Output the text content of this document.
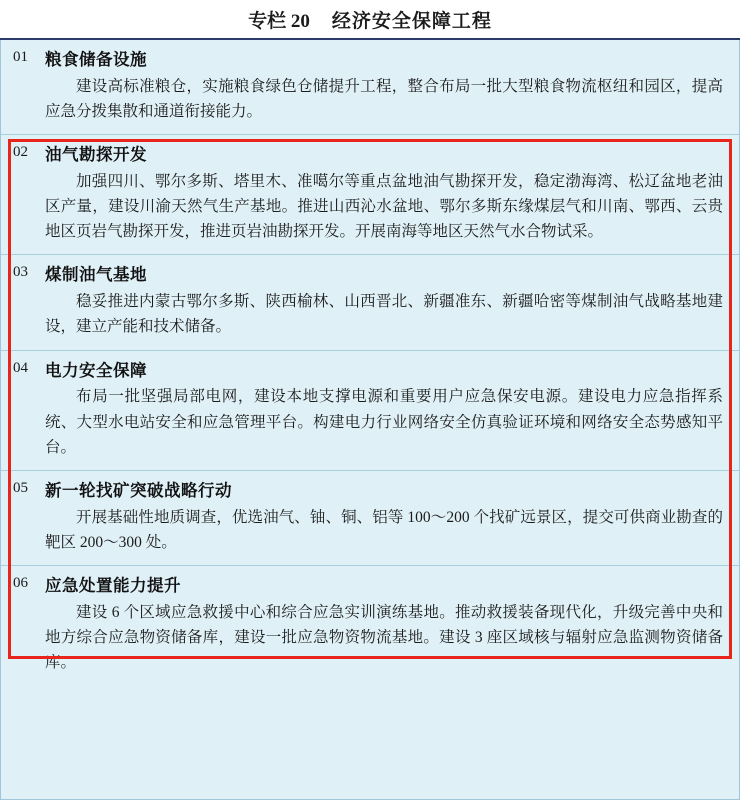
专栏 20 经济安全保障工程
01	粮食储备设施
建设高标准粮仓，实施粮食绿色仓储提升工程，整合布局一批大型粮食物流枢纽和园区，提高应急分拨集散和通道衔接能力。
02	油气勘探开发
加强四川、鄂尔多斯、塔里木、准噶尔等重点盆地油气勘探开发，稳定渤海湾、松辽盆地老油区产量，建设川渝天然气生产基地。推进山西沁水盆地、鄂尔多斯东缘煤层气和川南、鄂西、云贵地区页岩气勘探开发，推进页岩油勘探开发。开展南海等地区天然气水合物试采。
03	煤制油气基地
稳妥推进内蒙古鄂尔多斯、陕西榆林、山西晋北、新疆准东、新疆哈密等煤制油气战略基地建设，建立产能和技术储备。
04	电力安全保障
布局一批坚强局部电网，建设本地支撑电源和重要用户应急保安电源。建设电力应急指挥系统、大型水电站安全和应急管理平台。构建电力行业网络安全仿真验证环境和网络安全态势感知平台。
05	新一轮找矿突破战略行动
开展基础性地质调查，优选油气、铀、铜、铝等 100～200 个找矿远景区，提交可供商业勘查的靶区 200～300 处。
06	应急处置能力提升
建设 6 个区域应急救援中心和综合应急实训演练基地。推动救援装备现代化，升级完善中央和地方综合应急物资储备库，建设一批应急物资物流基地。建设 3 座区域核与辐射应急监测物资储备库。
